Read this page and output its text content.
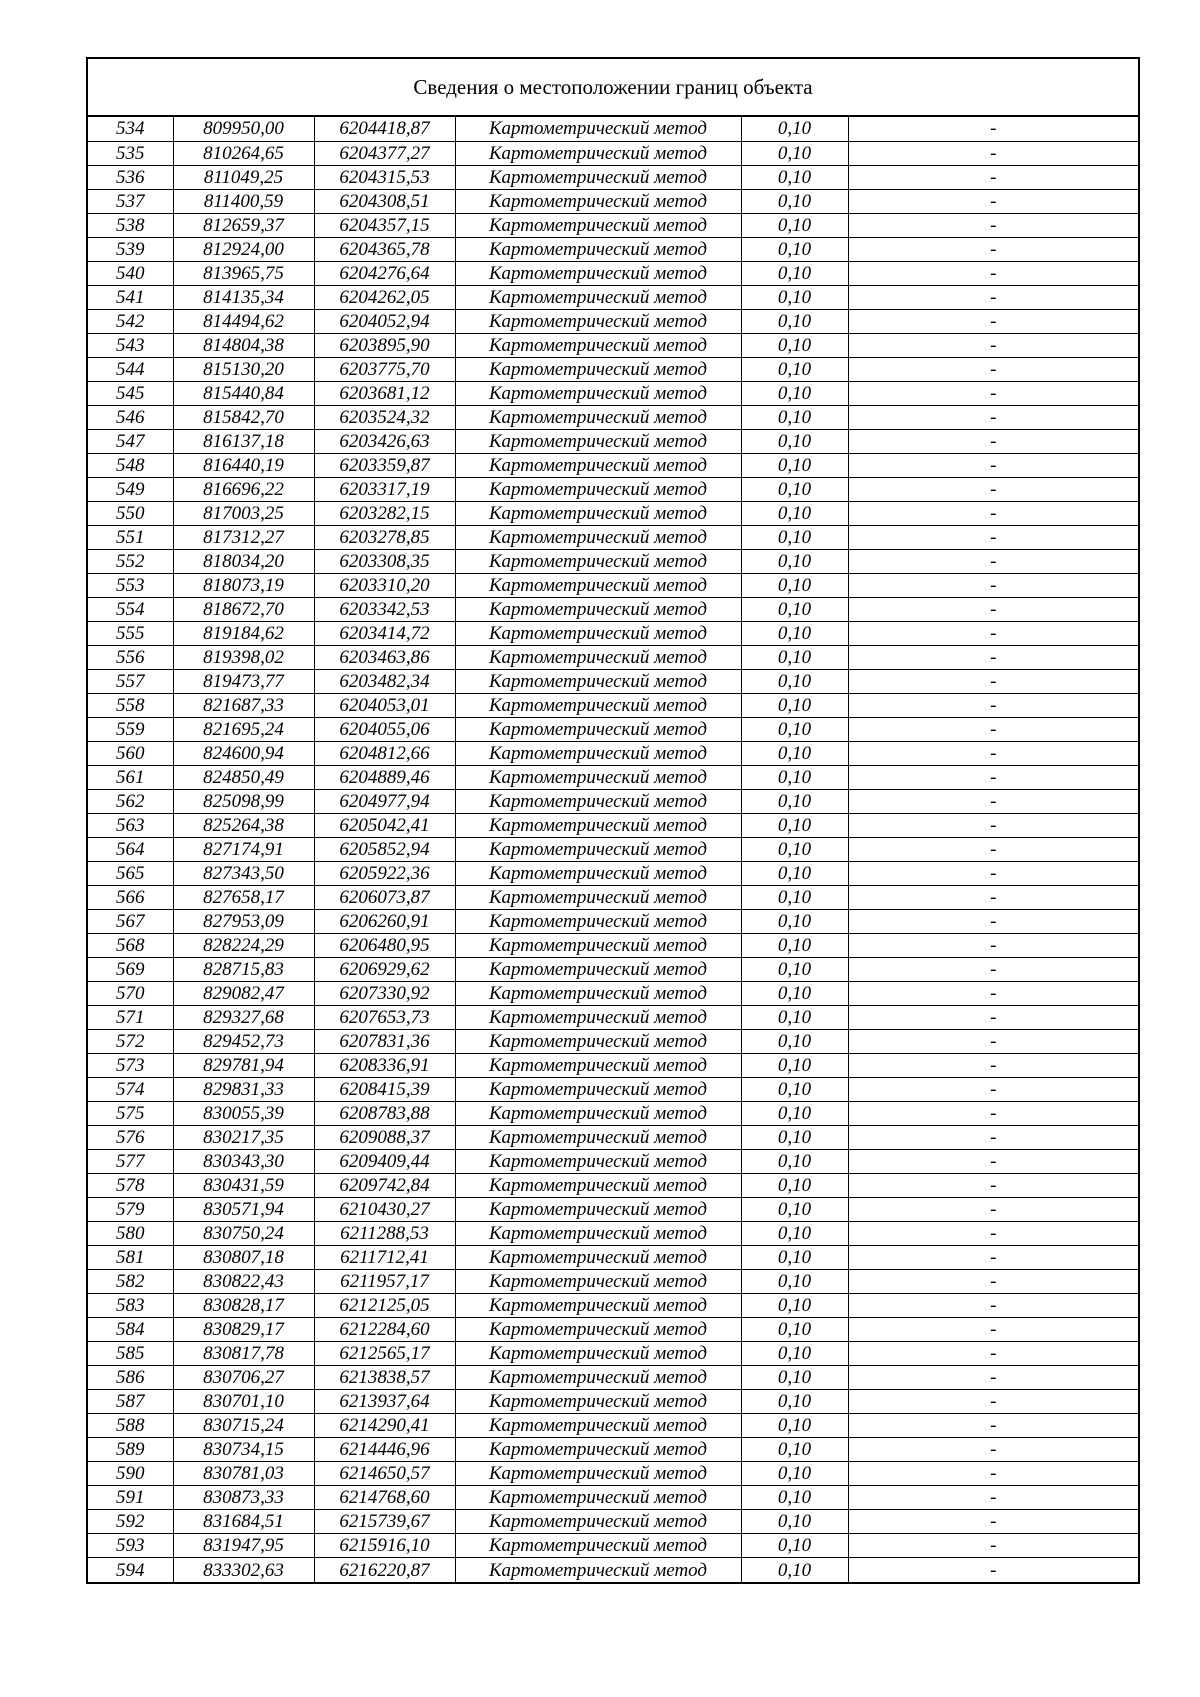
Сведения о местоположении границ объекта
534	809950,00	6204418,87	Картометрический метод	0,10	-
535	810264,65	6204377,27	Картометрический метод	0,10	-
536	811049,25	6204315,53	Картометрический метод	0,10	-
537	811400,59	6204308,51	Картометрический метод	0,10	-
538	812659,37	6204357,15	Картометрический метод	0,10	-
539	812924,00	6204365,78	Картометрический метод	0,10	-
540	813965,75	6204276,64	Картометрический метод	0,10	-
541	814135,34	6204262,05	Картометрический метод	0,10	-
542	814494,62	6204052,94	Картометрический метод	0,10	-
543	814804,38	6203895,90	Картометрический метод	0,10	-
544	815130,20	6203775,70	Картометрический метод	0,10	-
545	815440,84	6203681,12	Картометрический метод	0,10	-
546	815842,70	6203524,32	Картометрический метод	0,10	-
547	816137,18	6203426,63	Картометрический метод	0,10	-
548	816440,19	6203359,87	Картометрический метод	0,10	-
549	816696,22	6203317,19	Картометрический метод	0,10	-
550	817003,25	6203282,15	Картометрический метод	0,10	-
551	817312,27	6203278,85	Картометрический метод	0,10	-
552	818034,20	6203308,35	Картометрический метод	0,10	-
553	818073,19	6203310,20	Картометрический метод	0,10	-
554	818672,70	6203342,53	Картометрический метод	0,10	-
555	819184,62	6203414,72	Картометрический метод	0,10	-
556	819398,02	6203463,86	Картометрический метод	0,10	-
557	819473,77	6203482,34	Картометрический метод	0,10	-
558	821687,33	6204053,01	Картометрический метод	0,10	-
559	821695,24	6204055,06	Картометрический метод	0,10	-
560	824600,94	6204812,66	Картометрический метод	0,10	-
561	824850,49	6204889,46	Картометрический метод	0,10	-
562	825098,99	6204977,94	Картометрический метод	0,10	-
563	825264,38	6205042,41	Картометрический метод	0,10	-
564	827174,91	6205852,94	Картометрический метод	0,10	-
565	827343,50	6205922,36	Картометрический метод	0,10	-
566	827658,17	6206073,87	Картометрический метод	0,10	-
567	827953,09	6206260,91	Картометрический метод	0,10	-
568	828224,29	6206480,95	Картометрический метод	0,10	-
569	828715,83	6206929,62	Картометрический метод	0,10	-
570	829082,47	6207330,92	Картометрический метод	0,10	-
571	829327,68	6207653,73	Картометрический метод	0,10	-
572	829452,73	6207831,36	Картометрический метод	0,10	-
573	829781,94	6208336,91	Картометрический метод	0,10	-
574	829831,33	6208415,39	Картометрический метод	0,10	-
575	830055,39	6208783,88	Картометрический метод	0,10	-
576	830217,35	6209088,37	Картометрический метод	0,10	-
577	830343,30	6209409,44	Картометрический метод	0,10	-
578	830431,59	6209742,84	Картометрический метод	0,10	-
579	830571,94	6210430,27	Картометрический метод	0,10	-
580	830750,24	6211288,53	Картометрический метод	0,10	-
581	830807,18	6211712,41	Картометрический метод	0,10	-
582	830822,43	6211957,17	Картометрический метод	0,10	-
583	830828,17	6212125,05	Картометрический метод	0,10	-
584	830829,17	6212284,60	Картометрический метод	0,10	-
585	830817,78	6212565,17	Картометрический метод	0,10	-
586	830706,27	6213838,57	Картометрический метод	0,10	-
587	830701,10	6213937,64	Картометрический метод	0,10	-
588	830715,24	6214290,41	Картометрический метод	0,10	-
589	830734,15	6214446,96	Картометрический метод	0,10	-
590	830781,03	6214650,57	Картометрический метод	0,10	-
591	830873,33	6214768,60	Картометрический метод	0,10	-
592	831684,51	6215739,67	Картометрический метод	0,10	-
593	831947,95	6215916,10	Картометрический метод	0,10	-
594	833302,63	6216220,87	Картометрический метод	0,10	-
